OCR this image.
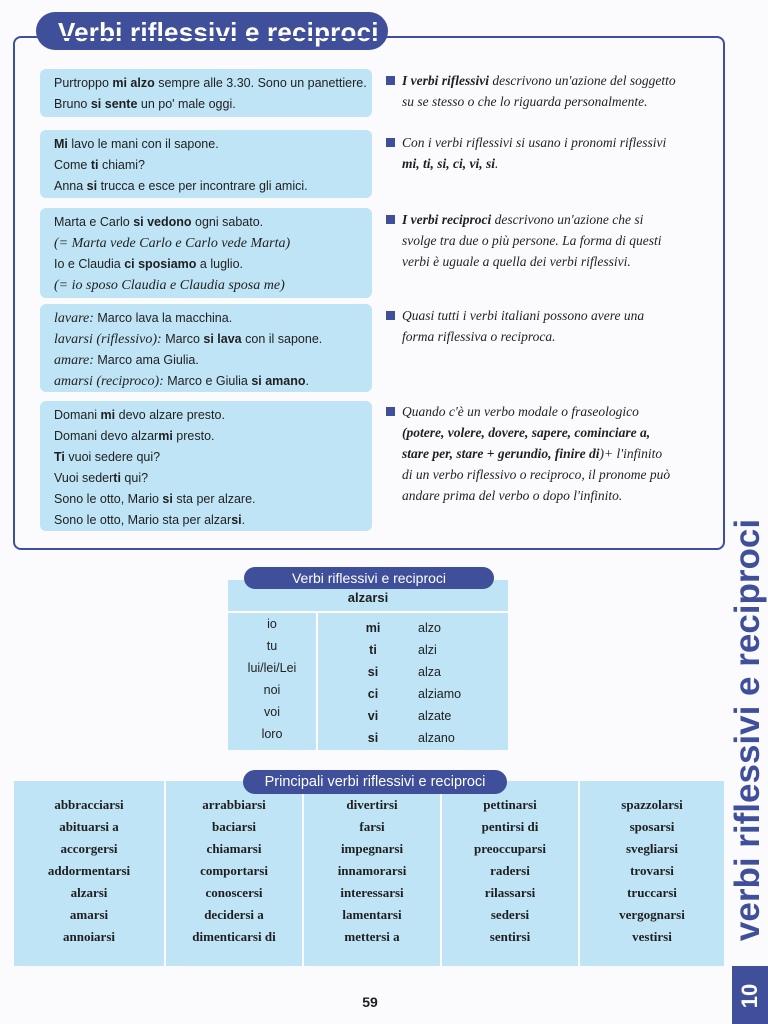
Verbi riflessivi e reciproci
Purtroppo mi alzo sempre alle 3.30. Sono un panettiere.
Bruno si sente un po' male oggi.
Mi lavo le mani con il sapone.
Come ti chiami?
Anna si trucca e esce per incontrare gli amici.
Marta e Carlo si vedono ogni sabato.
(= Marta vede Carlo e Carlo vede Marta)
Io e Claudia ci sposiamo a luglio.
(= io sposo Claudia e Claudia sposa me)
lavare: Marco lava la macchina.
lavarsi (riflessivo): Marco si lava con il sapone.
amare: Marco ama Giulia.
amarsi (reciproco): Marco e Giulia si amano.
Domani mi devo alzare presto.
Domani devo alzarmi presto.
Ti vuoi sedere qui?
Vuoi sederti qui?
Sono le otto, Mario si sta per alzare.
Sono le otto, Mario sta per alzarsi.
I verbi riflessivi descrivono un'azione del soggetto
su se stesso o che lo riguarda personalmente.
Con i verbi riflessivi si usano i pronomi riflessivi
mi, ti, si, ci, vi, si.
I verbi reciproci descrivono un'azione che si
svolge tra due o più persone. La forma di questi
verbi è uguale a quella dei verbi riflessivi.
Quasi tutti i verbi italiani possono avere una
forma riflessiva o reciproca.
Quando c'è un verbo modale o fraseologico
(potere, volere, dovere, sapere, cominciare a,
stare per, stare + gerundio, finire di)+ l'infinito
di un verbo riflessivo o reciproco, il pronome può
andare prima del verbo o dopo l'infinito.
alzarsi
io	mi	alzo
tu	ti	alzi
lui/lei/Lei	si	alza
noi	ci	alziamo
voi	vi	alzate
loro	si	alzano
Verbi riflessivi e reciproci
abbracciarsi
abituarsi a
accorgersi
addormentarsi
alzarsi
amarsi
annoiarsi
arrabbiarsi
baciarsi
chiamarsi
comportarsi
conoscersi
decidersi a
dimenticarsi di
divertirsi
farsi
impegnarsi
innamorarsi
interessarsi
lamentarsi
mettersi a
pettinarsi
pentirsi di
preoccuparsi
radersi
rilassarsi
sedersi
sentirsi
spazzolarsi
sposarsi
svegliarsi
trovarsi
truccarsi
vergognarsi
vestirsi
Principali verbi riflessivi e reciproci
59	10
verbi riflessivi e reciproci
